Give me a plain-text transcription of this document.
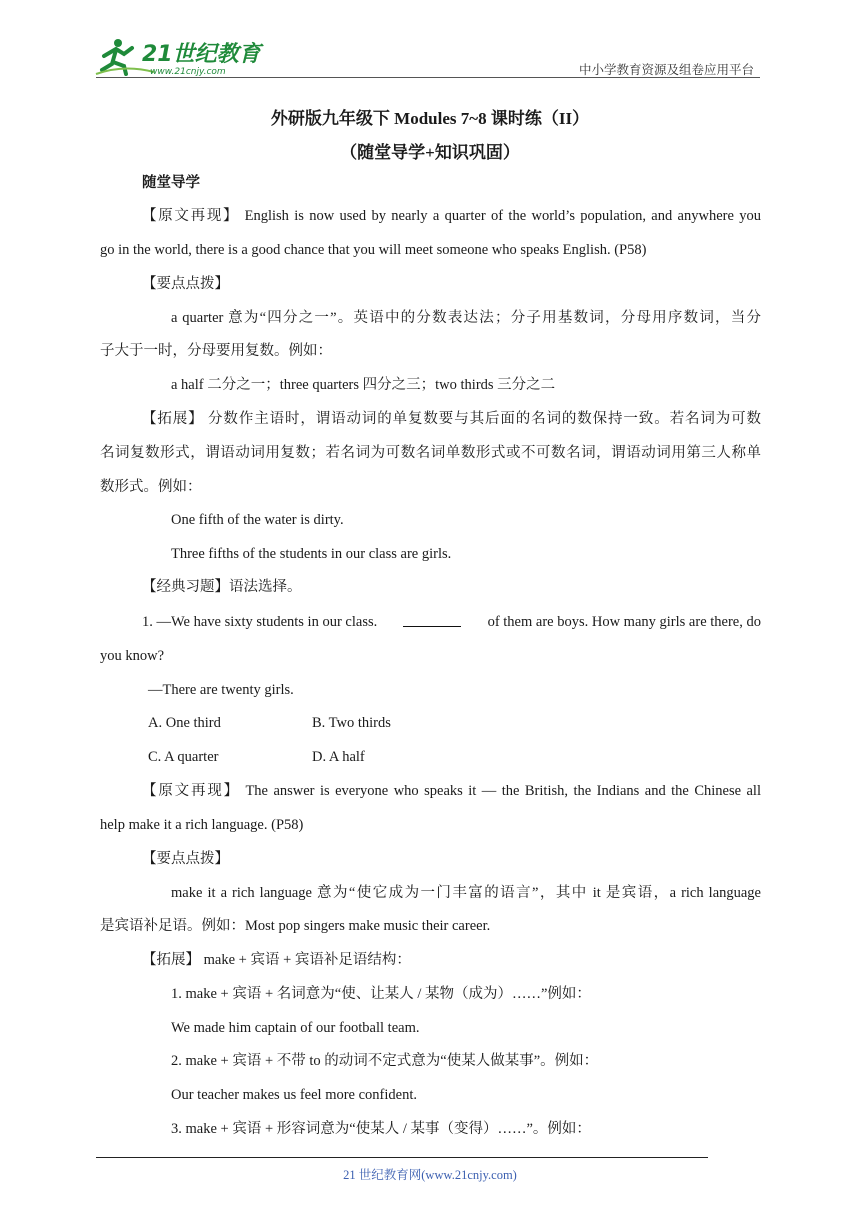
21世纪教育
www.21cnjy.com	中小学教育资源及组卷应用平台
外研版九年级下 Modules 7~8 课时练（II）
（随堂导学+知识巩固）
随堂导学
【原文再现】 English is now used by nearly a quarter of the world’s population, and anywhere you
go in the world, there is a good chance that you will meet someone who speaks English. (P58)
【要点点拨】
a quarter 意为“四分之一”。英语中的分数表达法；分子用基数词，分母用序数词，当分
子大于一时，分母要用复数。例如：
a half 二分之一；three quarters 四分之三；two thirds 三分之二
【拓展】 分数作主语时，谓语动词的单复数要与其后面的名词的数保持一致。若名词为可数
名词复数形式，谓语动词用复数；若名词为可数名词单数形式或不可数名词，谓语动词用第三人称单
数形式。例如：
One fifth of the water is dirty.
Three fifths of the students in our class are girls.
【经典习题】语法选择。
1. —We have sixty students in our class.	of them are boys. How many girls are there, do
you know?
—There are twenty girls.
A. One third	B. Two thirds
C. A quarter	D. A half
【原文再现】 The answer is everyone who speaks it — the British, the Indians and the Chinese all
help make it a rich language. (P58)
【要点点拨】
make it a rich language 意为“使它成为一门丰富的语言”，其中 it 是宾语，a rich language
是宾语补足语。例如：Most pop singers make music their career.
【拓展】 make + 宾语 + 宾语补足语结构：
1. make + 宾语 + 名词意为“使、让某人 / 某物（成为）……”例如：
We made him captain of our football team.
2. make + 宾语 + 不带 to 的动词不定式意为“使某人做某事”。例如：
Our teacher makes us feel more confident.
3. make + 宾语 + 形容词意为“使某人 / 某事（变得）……”。例如：
21 世纪教育网(www.21cnjy.com)
